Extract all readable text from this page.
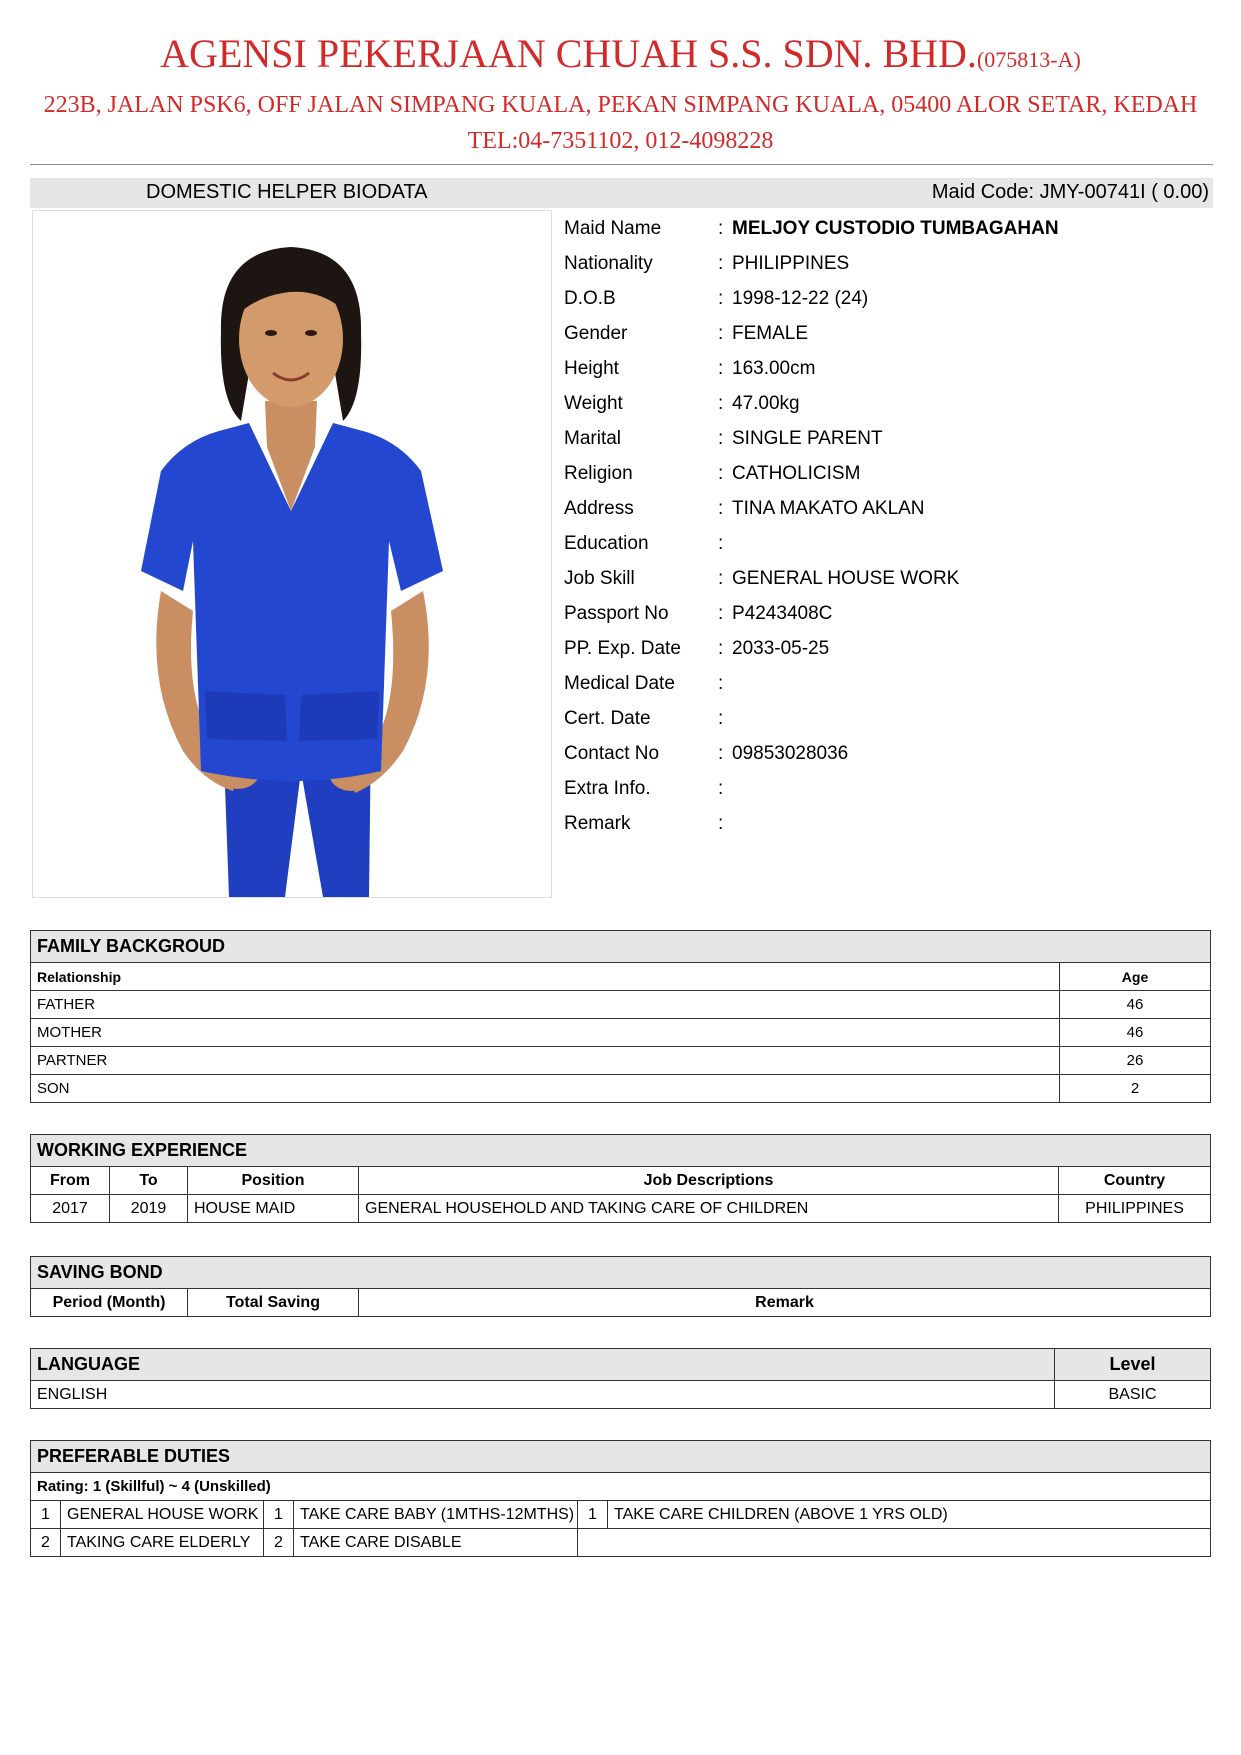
AGENSI PEKERJAAN CHUAH S.S. SDN. BHD.(075813-A)
223B, JALAN PSK6, OFF JALAN SIMPANG KUALA, PEKAN SIMPANG KUALA, 05400 ALOR SETAR, KEDAH
TEL:04-7351102, 012-4098228
DOMESTIC HELPER BIODATA	Maid Code: JMY-00741I ( 0.00)
Maid Name	: MELJOY CUSTODIO TUMBAGAHAN
Nationality	: PHILIPPINES
D.O.B	: 1998-12-22 (24)
Gender	: FEMALE
Height	: 163.00cm
Weight	: 47.00kg
Marital	: SINGLE PARENT
Religion	: CATHOLICISM
Address	: TINA MAKATO AKLAN
Education	:
Job Skill	: GENERAL HOUSE WORK
Passport No	: P4243408C
PP. Exp. Date : 2033-05-25
Medical Date :
Cert. Date	:
Contact No	: 09853028036
Extra Info.	:
Remark	:
FAMILY BACKGROUD	
Relationship	Age
FATHER	46
MOTHER	46
PARTNER	26
SON	2
WORKING EXPERIENCE				
From	To	Position	Job Descriptions	Country
2017	2019	HOUSE MAID	GENERAL HOUSEHOLD AND TAKING CARE OF CHILDREN	PHILIPPINES
SAVING BOND
Period (Month)	Total Saving	Remark
LANGUAGE	Level
ENGLISH	BASIC
PREFERABLE DUTIES					
Rating: 1 (Skillful) ~ 4 (Unskilled)					
1	GENERAL HOUSE WORK	1	TAKE CARE BABY (1MTHS-12MTHS)	1	TAKE CARE CHILDREN (ABOVE 1 YRS OLD)
2	TAKING CARE ELDERLY	2	TAKE CARE DISABLE		
